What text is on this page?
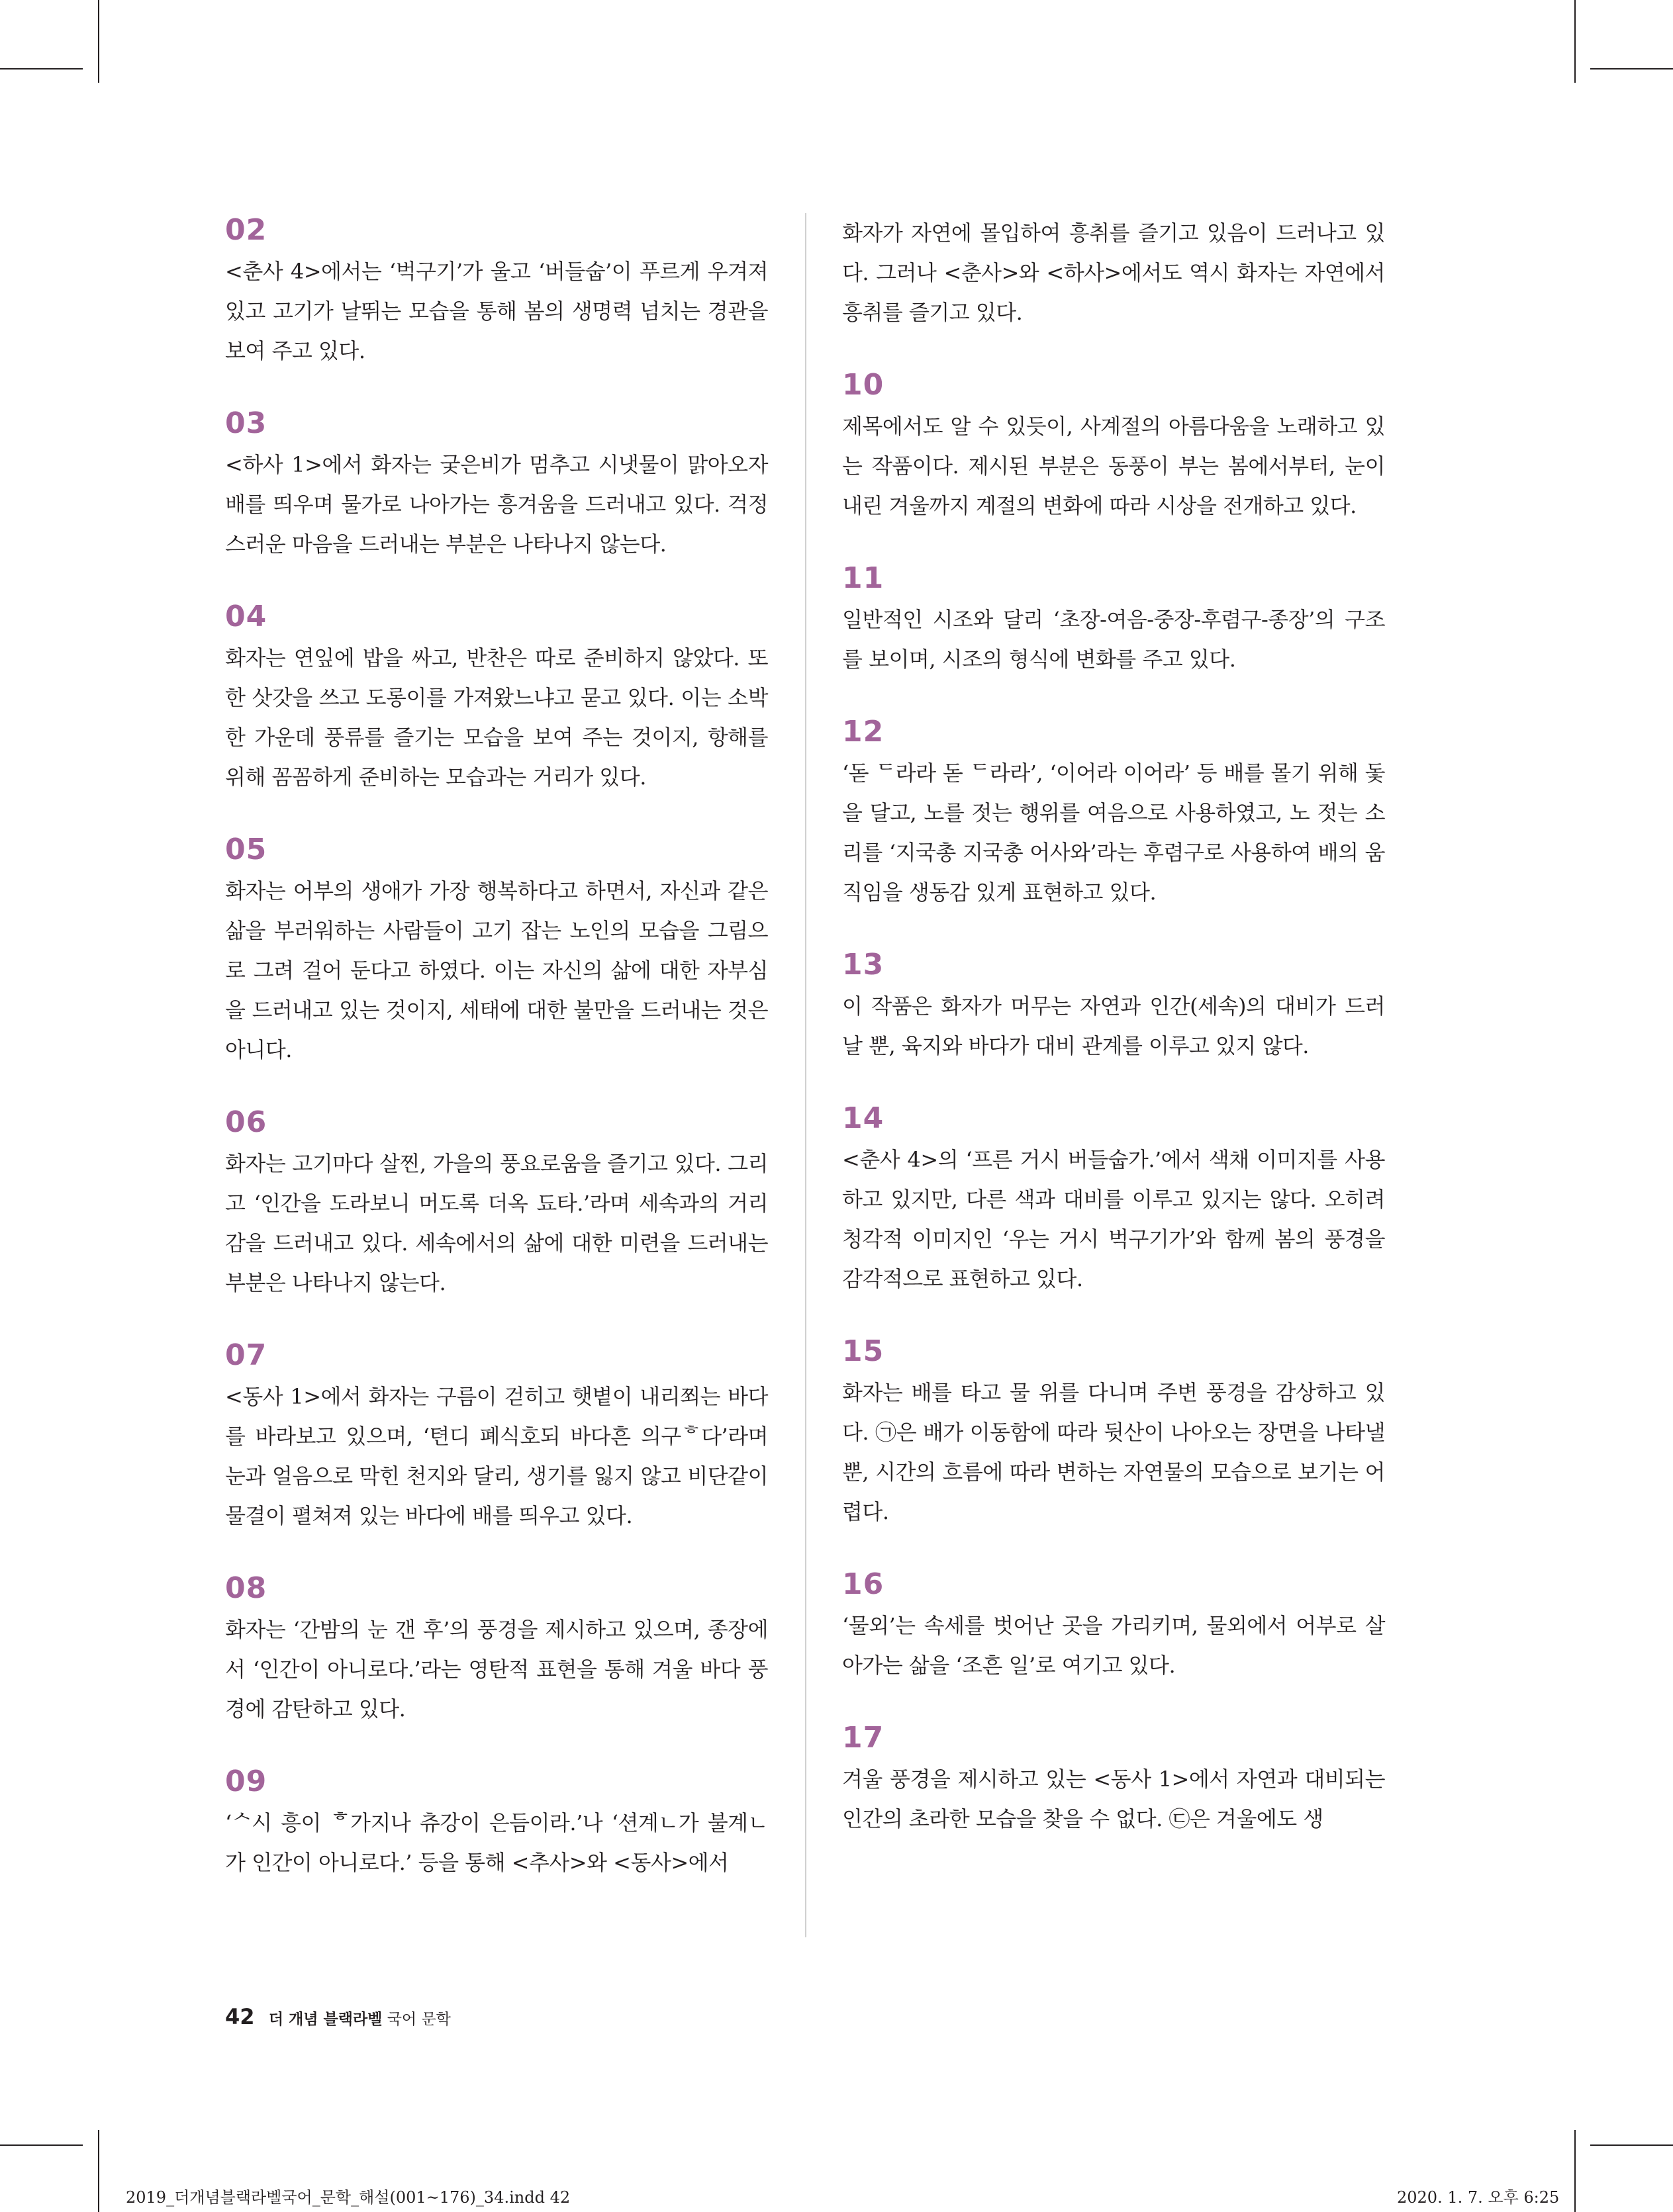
02
<춘사 4>에서는 ‘벅구기’가 울고 ‘버들숩’이 푸르게 우겨져 있고 고기가 날뛰는 모습을 통해 봄의 생명력 넘치는 경관을 보여 주고 있다.
03
<하사 1>에서 화자는 궂은비가 멈추고 시냇물이 맑아오자 배를 띄우며 물가로 나아가는 흥겨움을 드러내고 있다. 걱정스러운 마음을 드러내는 부분은 나타나지 않는다.
04
화자는 연잎에 밥을 싸고, 반찬은 따로 준비하지 않았다. 또한 삿갓을 쓰고 도롱이를 가져왔느냐고 묻고 있다. 이는 소박한 가운데 풍류를 즐기는 모습을 보여 주는 것이지, 항해를 위해 꼼꼼하게 준비하는 모습과는 거리가 있다.
05
화자는 어부의 생애가 가장 행복하다고 하면서, 자신과 같은 삶을 부러워하는 사람들이 고기 잡는 노인의 모습을 그림으로 그려 걸어 둔다고 하였다. 이는 자신의 삶에 대한 자부심을 드러내고 있는 것이지, 세태에 대한 불만을 드러내는 것은 아니다.
06
화자는 고기마다 살찐, 가을의 풍요로움을 즐기고 있다. 그리고 ‘인간을 도라보니 머도록 더옥 됴타.’라며 세속과의 거리감을 드러내고 있다. 세속에서의 삶에 대한 미련을 드러내는 부분은 나타나지 않는다.
07
<동사 1>에서 화자는 구름이 걷히고 햇볕이 내리쬐는 바다를 바라보고 있으며, ‘텬디 폐식호되 바다흔 의구ᄒ다’라며 눈과 얼음으로 막힌 천지와 달리, 생기를 잃지 않고 비단같이 물결이 펼쳐져 있는 바다에 배를 띄우고 있다.
08
화자는 ‘간밤의 눈 갠 후’의 풍경을 제시하고 있으며, 종장에서 ‘인간이 아니로다.’라는 영탄적 표현을 통해 겨울 바다 풍경에 감탄하고 있다.
09
‘ᄉ시 흥이 ᄒ가지나 츄강이 은듬이라.’나 ‘션계ㄴ가 불계ㄴ가 인간이 아니로다.’ 등을 통해 <추사>와 <동사>에서
화자가 자연에 몰입하여 흥취를 즐기고 있음이 드러나고 있다. 그러나 <춘사>와 <하사>에서도 역시 화자는 자연에서 흥취를 즐기고 있다.
10
제목에서도 알 수 있듯이, 사계절의 아름다움을 노래하고 있는 작품이다. 제시된 부분은 동풍이 부는 봄에서부터, 눈이 내린 겨울까지 계절의 변화에 따라 시상을 전개하고 있다.
11
일반적인 시조와 달리 ‘초장-여음-중장-후렴구-종장’의 구조를 보이며, 시조의 형식에 변화를 주고 있다.
12
‘돋 ᄃ라라 돋 ᄃ라라’, ‘이어라 이어라’ 등 배를 몰기 위해 돛을 달고, 노를 젓는 행위를 여음으로 사용하였고, 노 젓는 소리를 ‘지국총 지국총 어사와’라는 후렴구로 사용하여 배의 움직임을 생동감 있게 표현하고 있다.
13
이 작품은 화자가 머무는 자연과 인간(세속)의 대비가 드러날 뿐, 육지와 바다가 대비 관계를 이루고 있지 않다.
14
<춘사 4>의 ‘프른 거시 버들숩가.’에서 색채 이미지를 사용하고 있지만, 다른 색과 대비를 이루고 있지는 않다. 오히려 청각적 이미지인 ‘우는 거시 벅구기가’와 함께 봄의 풍경을 감각적으로 표현하고 있다.
15
화자는 배를 타고 물 위를 다니며 주변 풍경을 감상하고 있다. ㉠은 배가 이동함에 따라 뒷산이 나아오는 장면을 나타낼 뿐, 시간의 흐름에 따라 변하는 자연물의 모습으로 보기는 어렵다.
16
‘물외’는 속세를 벗어난 곳을 가리키며, 물외에서 어부로 살아가는 삶을 ‘조흔 일’로 여기고 있다.
17
겨울 풍경을 제시하고 있는 <동사 1>에서 자연과 대비되는 인간의 초라한 모습을 찾을 수 없다. ㉢은 겨울에도 생
42 더 개념 블랙라벨 국어 문학
2019_더개념블랙라벨국어_문학_해설(001~176)_34.indd 42	2020. 1. 7. 오후 6:25
